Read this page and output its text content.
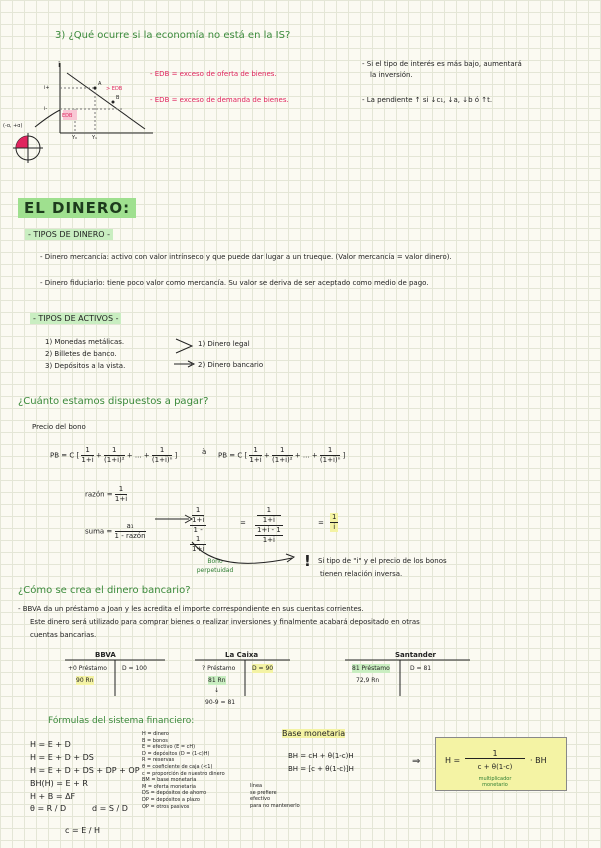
3) ¿Qué ocurre si la economía no está en la IS?
i
i+
i-
Y₀	Y₁
A
B
> EDB
EDB
(-ɑ, +ɑ)
- EDB = exceso de oferta de bienes.
- EDB = exceso de demanda de bienes.
- Si el tipo de interés es más bajo, aumentará
la inversión.
- La pendiente ↑ si ↓c₁, ↓a, ↓b ó ↑t.
EL DINERO:
- TIPOS DE DINERO -
- Dinero mercancía: activo con valor intrínseco y que puede dar lugar a un trueque. (Valor mercancía = valor dinero).
- Dinero fiduciario: tiene poco valor como mercancía. Su valor se deriva de ser aceptado como medio de pago.
- TIPOS DE ACTIVOS -
1) Monedas metálicas.
2) Billetes de banco.
3) Depósitos a la vista.
1) Dinero legal
2) Dinero bancario
¿Cuánto estamos dispuestos a pagar?
Precio del bono
PB = C [ $\frac{1}{1+i} + \frac{1}{\text{(1+i)²}}$ + ... + $\frac{1}{\text{(1+i)ⁿ}}$ ]	à PB = C [ $\frac{1}{1+i} + \frac{1}{\text{(1+i)²}}$ + ... + $\frac{1}{\text{(1+i)ⁿ}}$ ]
razón = $\frac{1}{1+i}$
suma = $\frac{\text{a₁}}{\text{1 - razón}}$	1
1+i
1 -
1
1+i	= 1
1+i
1+i - 1
1+i	= $\frac{1}{i}$
Bono perpetuidad
! Si tipo de "i" y el precio de los bonos
tienen relación inversa.
¿Cómo se crea el dinero bancario?
- BBVA da un préstamo a Joan y les acredita el importe correspondiente en sus cuentas corrientes.
Este dinero será utilizado para comprar bienes o realizar inversiones y finalmente acabará depositado en otras
cuentas bancarias.
BBVA	La Caixa	Santander
+0 Préstamo	D = 100
90 Rn
? Préstamo	D = 90
81 Rn
↓
90-9 = 81
81 Préstamo	D = 81
72,9 Rn
Fórmulas del sistema financiero:
H = E + D
H = E + D + DS
H = E + D + DS + DP + OP
BH(H) = E + R
H + B = ΔF
θ = R / D	d = S / D
c = E / H
H = dinero
B = bonos
E = efectivo (E = cH)
D = depósitos (D = (1-c)H)
R = reservas
θ = coeficiente de caja (<1)
c = proporción de nuestro dinero
BM = base monetaria
M = oferta monetaria
DS = depósitos de ahorro
DP = depósitos a plazo
OP = otros pasivos
línea
se prefiere
efectivo
para no mantenerlo
Base monetaria
BH = cH + θ(1-c)H
BH = [c + θ(1-c)]H
⇒	H =
1
c + θ(1-c)
· BH
multiplicador monetario
